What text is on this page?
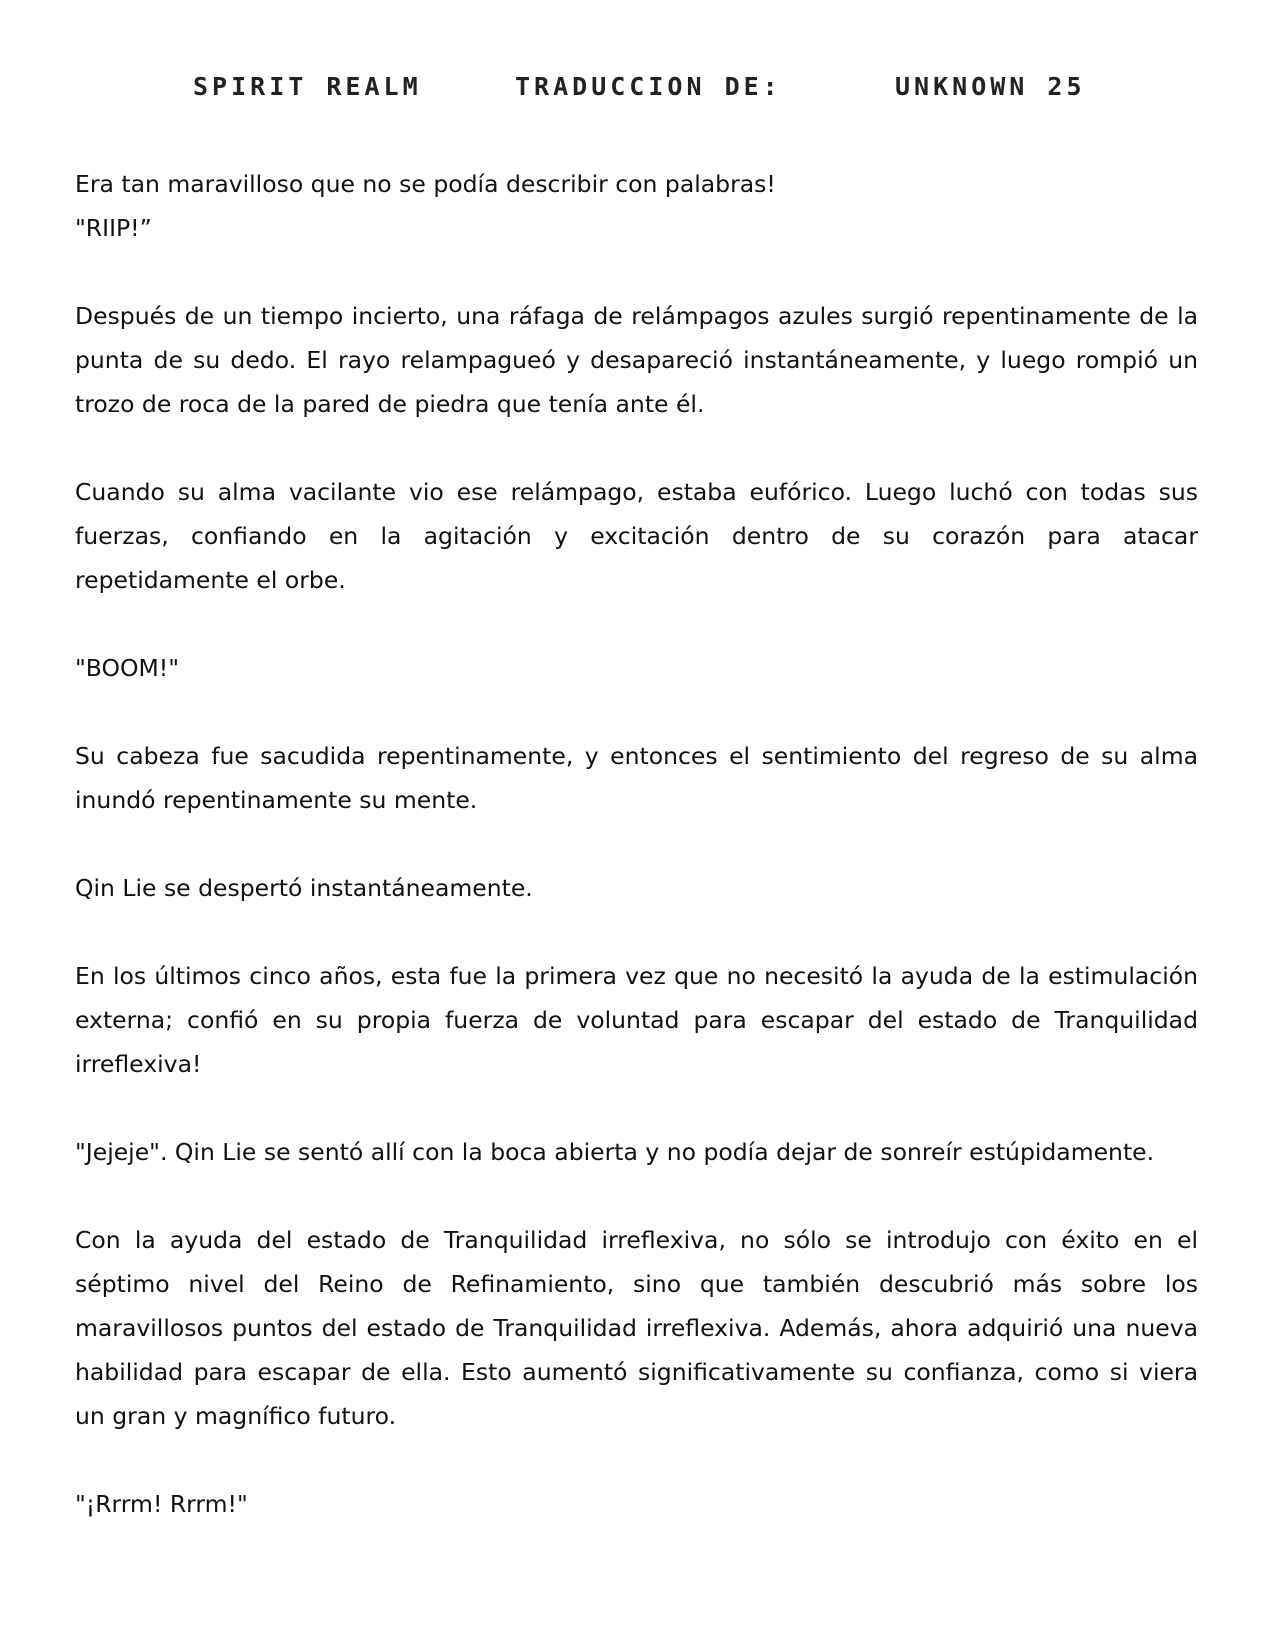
SPIRIT REALM	TRADUCCION DE:	UNKNOWN 25

Era tan maravilloso que no se podía describir con palabras!
"RIIP!”

Después de un tiempo incierto, una ráfaga de relámpagos azules surgió repentinamente de la punta de su dedo. El rayo relampagueó y desapareció instantáneamente, y luego rompió un trozo de roca de la pared de piedra que tenía ante él.

Cuando su alma vacilante vio ese relámpago, estaba eufórico. Luego luchó con todas sus fuerzas, confiando en la agitación y excitación dentro de su corazón para atacar repetidamente el orbe.

"BOOM!"

Su cabeza fue sacudida repentinamente, y entonces el sentimiento del regreso de su alma inundó repentinamente su mente.

Qin Lie se despertó instantáneamente.

En los últimos cinco años, esta fue la primera vez que no necesitó la ayuda de la estimulación externa; confió en su propia fuerza de voluntad para escapar del estado de Tranquilidad irreflexiva!

"Jejeje". Qin Lie se sentó allí con la boca abierta y no podía dejar de sonreír estúpidamente.

Con la ayuda del estado de Tranquilidad irreflexiva, no sólo se introdujo con éxito en el séptimo nivel del Reino de Refinamiento, sino que también descubrió más sobre los maravillosos puntos del estado de Tranquilidad irreflexiva. Además, ahora adquirió una nueva habilidad para escapar de ella. Esto aumentó significativamente su confianza, como si viera un gran y magnífico futuro.

"¡Rrrm! Rrrm!"
